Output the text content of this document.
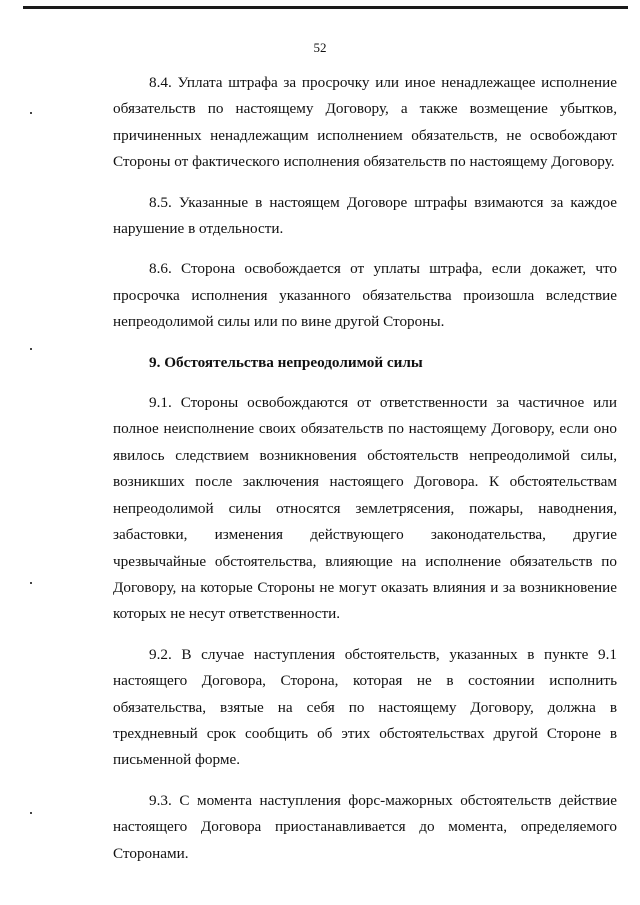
52

8.4. Уплата штрафа за просрочку или иное ненадлежащее исполнение обязательств по настоящему Договору, а также возмещение убытков, причиненных ненадлежащим исполнением обязательств, не освобождают Стороны от фактического исполнения обязательств по настоящему Договору.

8.5. Указанные в настоящем Договоре штрафы взимаются за каждое нарушение в отдельности.

8.6. Сторона освобождается от уплаты штрафа, если докажет, что просрочка исполнения указанного обязательства произошла вследствие непреодолимой силы или по вине другой Стороны.

9. Обстоятельства непреодолимой силы

9.1. Стороны освобождаются от ответственности за частичное или полное неисполнение своих обязательств по настоящему Договору, если оно явилось следствием возникновения обстоятельств непреодолимой силы, возникших после заключения настоящего Договора. К обстоятельствам непреодолимой силы относятся землетрясения, пожары, наводнения, забастовки, изменения действующего законодательства, другие чрезвычайные обстоятельства, влияющие на исполнение обязательств по Договору, на которые Стороны не могут оказать влияния и за возникновение которых не несут ответственности.

9.2. В случае наступления обстоятельств, указанных в пункте 9.1 настоящего Договора, Сторона, которая не в состоянии исполнить обязательства, взятые на себя по настоящему Договору, должна в трехдневный срок сообщить об этих обстоятельствах другой Стороне в письменной форме.

9.3. С момента наступления форс-мажорных обстоятельств действие настоящего Договора приостанавливается до момента, определяемого Сторонами.
